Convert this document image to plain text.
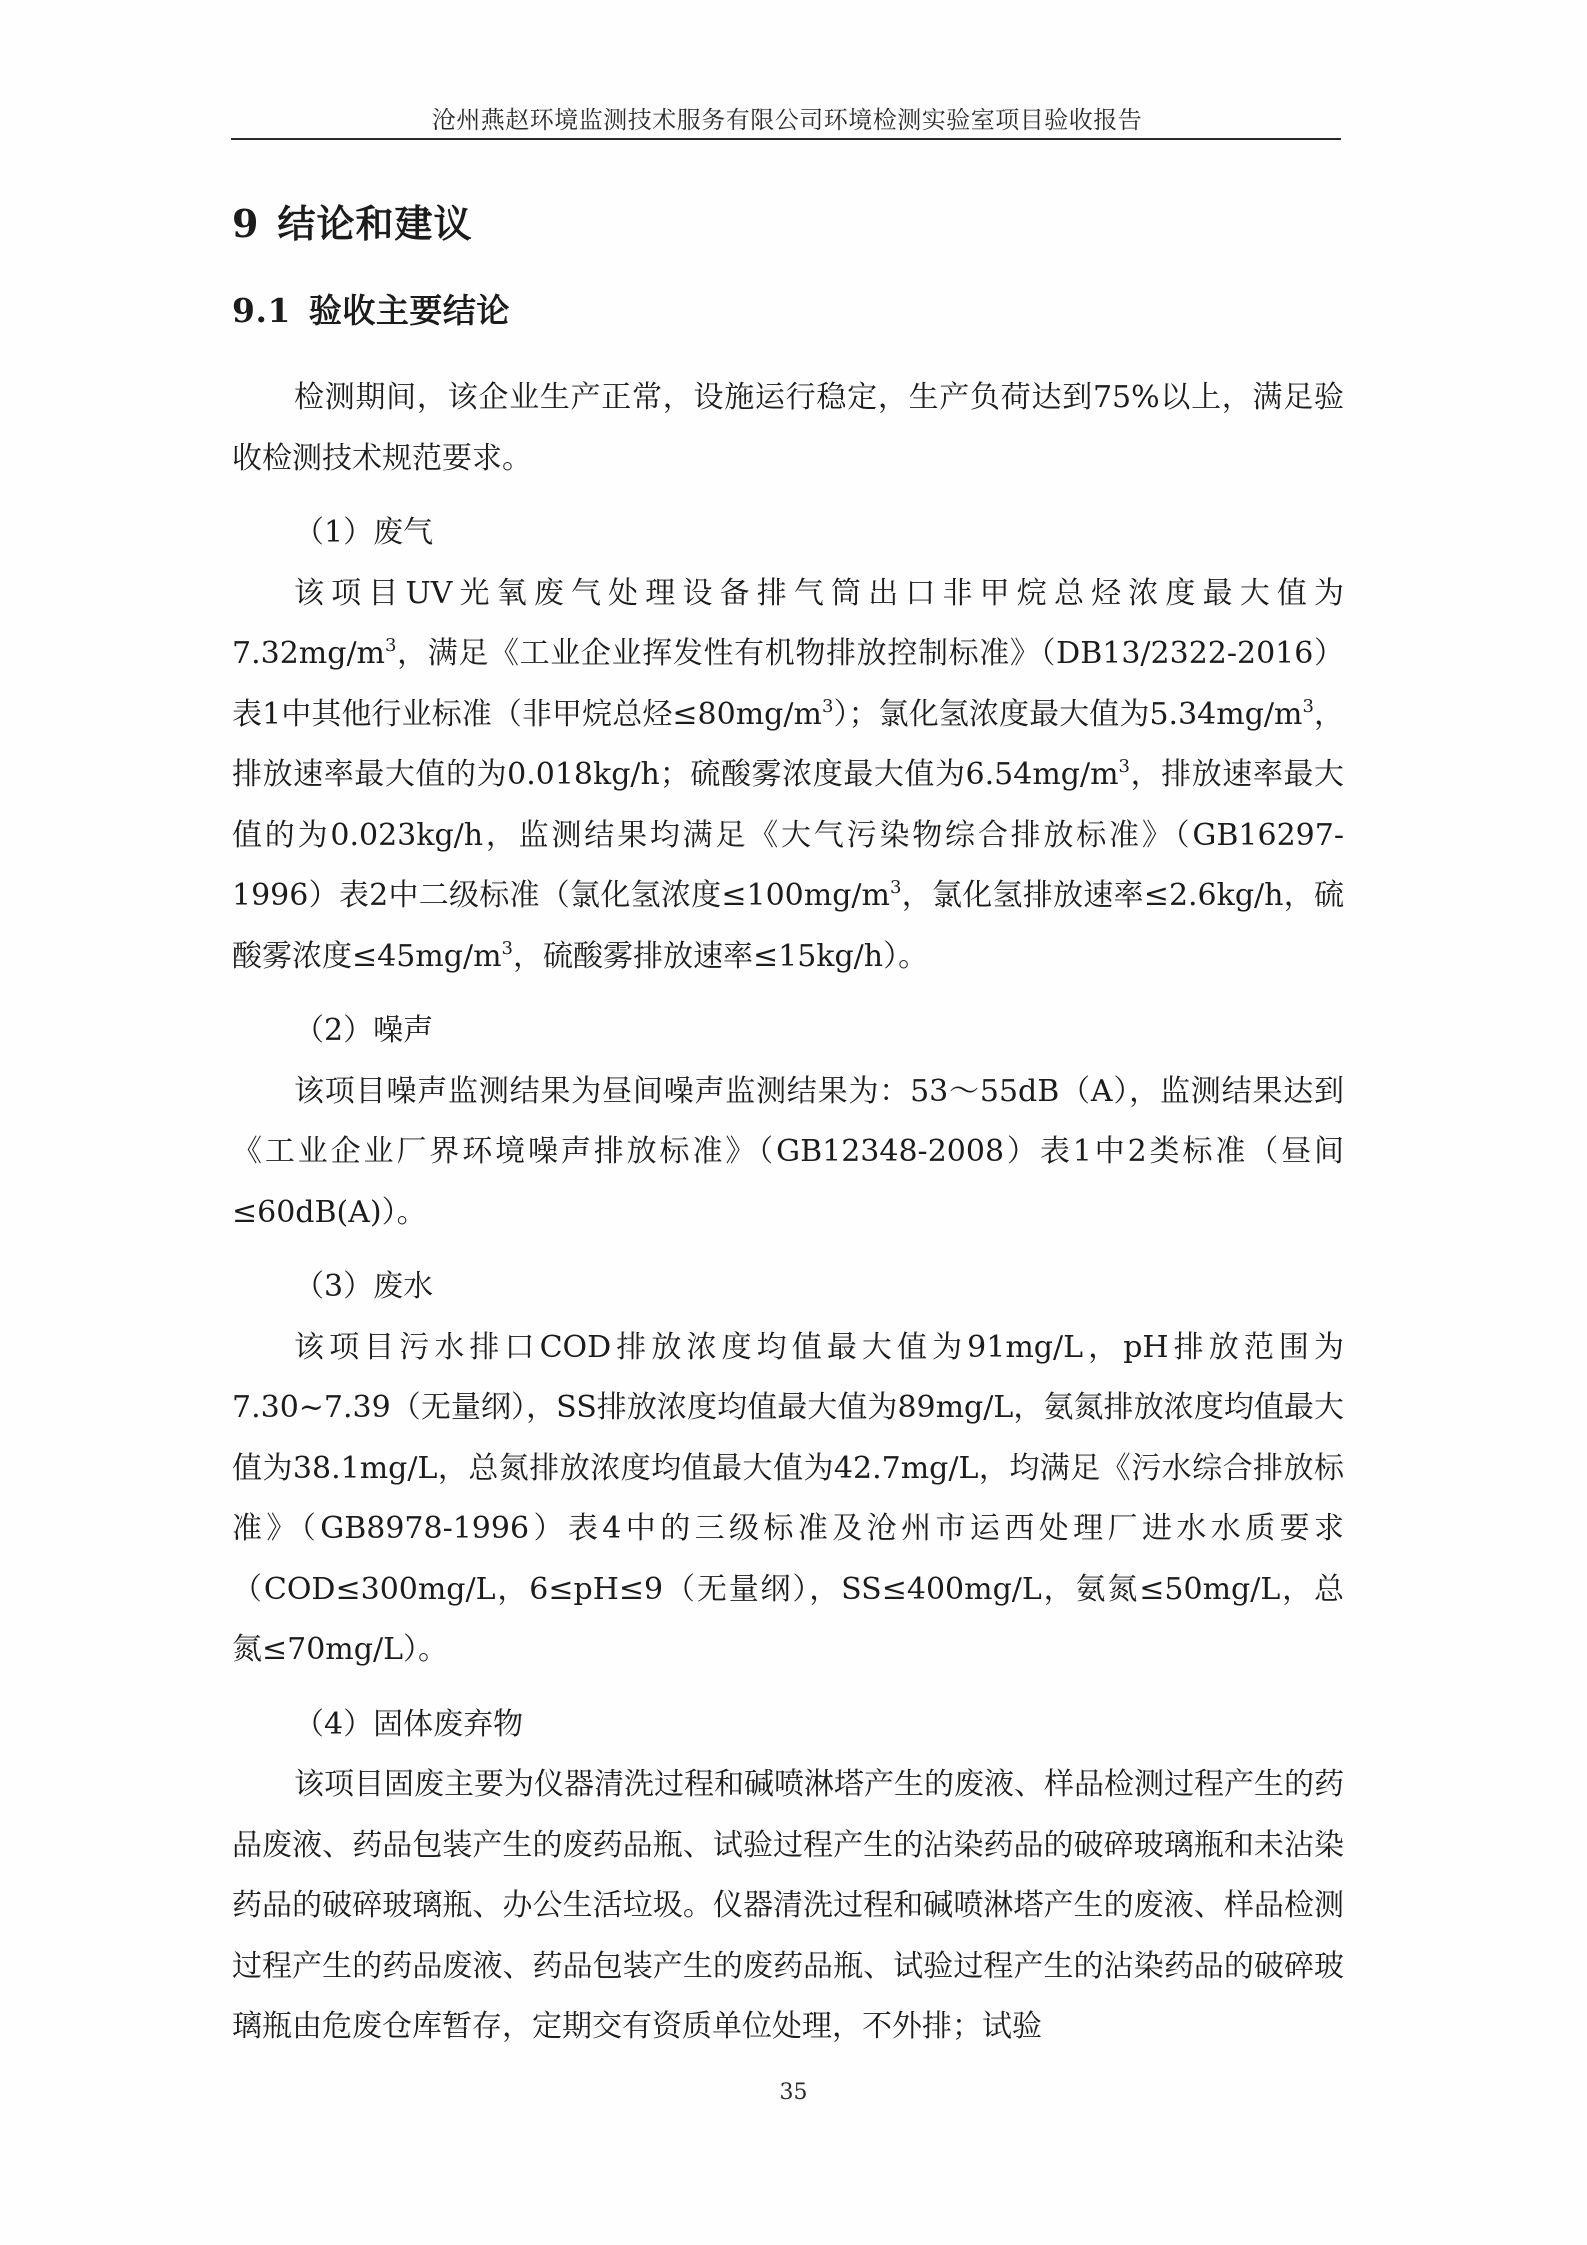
沧州燕赵环境监测技术服务有限公司环境检测实验室项目验收报告
9 结论和建议
9.1 验收主要结论

检测期间，该企业生产正常，设施运行稳定，生产负荷达到75%以上，满足验收检测技术规范要求。

（1）废气

该项目UV光氧废气处理设备排气筒出口非甲烷总烃浓度最大值为$7.32mg/m^3$，满足《工业企业挥发性有机物排放控制标准》（DB13/2322-2016）表1中其他行业标准（非甲烷总烃$\le 80mg/m^3$）；氯化氢浓度最大值为$5.34mg/m^3$，排放速率最大值的为0.018kg/h；硫酸雾浓度最大值为$6.54mg/m^3$，排放速率最大值的为0.023kg/h，监测结果均满足《大气污染物综合排放标准》（GB16297-1996）表2中二级标准（氯化氢浓度$\le 100mg/m^3$，氯化氢排放速率≤2.6kg/h，硫酸雾浓度$\le 45mg/m^3$，硫酸雾排放速率≤15kg/h）。

（2）噪声

该项目噪声监测结果为昼间噪声监测结果为：53～55dB（A），监测结果达到《工业企业厂界环境噪声排放标准》（GB12348-2008）表1中2类标准（昼间≤60dB(A)）。

（3）废水

该项目污水排口COD排放浓度均值最大值为91mg/L，pH排放范围为7.30~7.39（无量纲），SS排放浓度均值最大值为89mg/L，氨氮排放浓度均值最大值为38.1mg/L，总氮排放浓度均值最大值为42.7mg/L，均满足《污水综合排放标准》（GB8978-1996）表4中的三级标准及沧州市运西处理厂进水水质要求（COD≤300mg/L，6≤pH≤9（无量纲），SS≤400mg/L，氨氮≤50mg/L，总氮≤70mg/L）。

（4）固体废弃物

该项目固废主要为仪器清洗过程和碱喷淋塔产生的废液、样品检测过程产生的药品废液、药品包装产生的废药品瓶、试验过程产生的沾染药品的破碎玻璃瓶和未沾染药品的破碎玻璃瓶、办公生活垃圾。仪器清洗过程和碱喷淋塔产生的废液、样品检测过程产生的药品废液、药品包装产生的废药品瓶、试验过程产生的沾染药品的破碎玻璃瓶由危废仓库暂存，定期交有资质单位处理，不外排；试验

35
